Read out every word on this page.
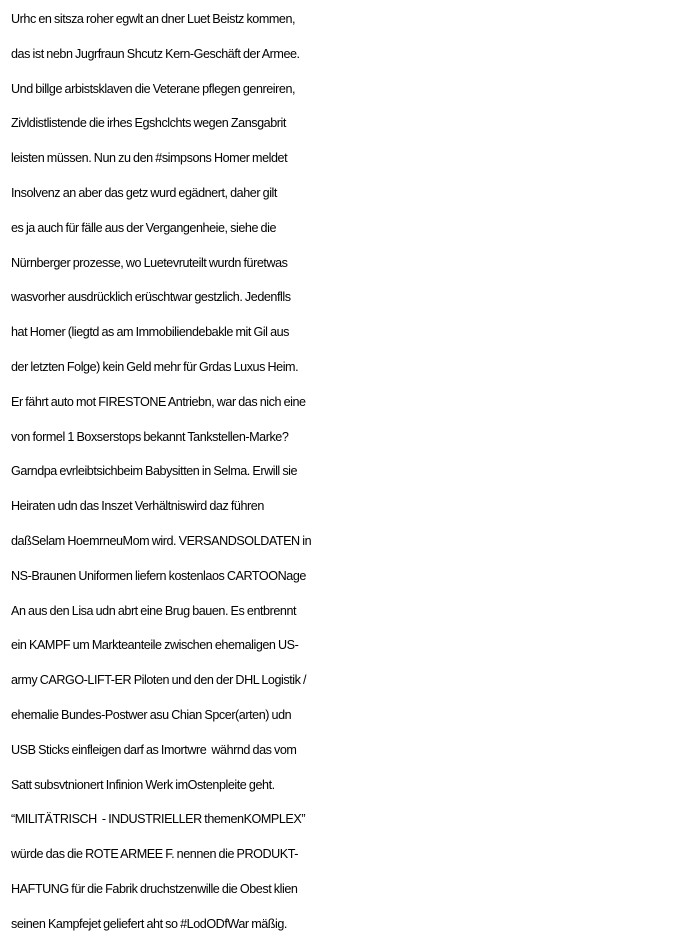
Urhc en sitsza roher egwlt an dner Luet Beistz kommen,
das ist nebn Jugrfraun Shcutz Kern-Geschäft der Armee.
Und billge arbistsklaven die Veterane pflegen genreiren,
Zivldistlistende die irhes Egshclchts wegen Zansgabrit
leisten müssen. Nun zu den #simpsons Homer meldet
Insolvenz an aber das getz wurd egädnert, daher gilt
es ja auch für fälle aus der Vergangenheie, siehe die
Nürnberger prozesse, wo Luetevruteilt wurdn füretwas
wasvorher ausdrücklich erüschtwar gestzlich. Jedenflls
hat Homer (liegtd as am Immobiliendebakle mit Gil aus
der letzten Folge) kein Geld mehr für Grdas Luxus Heim.
Er fährt auto mot FIRESTONE Antriebn, war das nich eine
von formel 1 Boxserstops bekannt Tankstellen-Marke?
Garndpa evrleibtsichbeim Babysitten in Selma. Erwill sie
Heiraten udn das Inszet Verhältniswird daz führen
daßSelam HoemrneuMom wird. VERSANDSOLDATEN in
NS-Braunen Uniformen liefern kostenlaos CARTOONage
An aus den Lisa udn abrt eine Brug bauen. Es entbrennt
ein KAMPF um Markteanteile zwischen ehemaligen US-
army CARGO-LIFT-ER Piloten und den der DHL Logistik /
ehemalie Bundes-Postwer asu Chian Spcer(arten) udn
USB Sticks einfleigen darf as Imortwre  währnd das vom
Satt subsvtnionert Infinion Werk imOstenpleite geht.
“MILITÄTRISCH  - INDUSTRIELLER themenKOMPLEX”
würde das die ROTE ARMEE F. nennen die PRODUKT-
HAFTUNG für die Fabrik druchstzenwille die Obest klien
seinen Kampfejet geliefert aht so #LodODfWar mäßig.
